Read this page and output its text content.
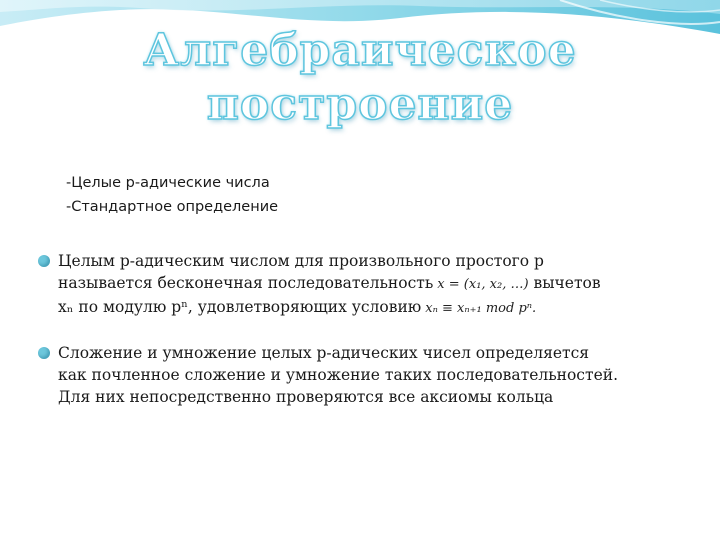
Алгебраическое
построение
-Целые p-адические числа
-Стандартное определение
Целым p-адическим числом для произвольного простого p
называется бесконечная последовательность x = (x₁, x₂, …) вычетов
xₙ по модулю pⁿ, удовлетворяющих условию xₙ ≡ xₙ₊₁ mod pⁿ.
Сложение и умножение целых p-адических чисел определяется
как почленное сложение и умножение таких последовательностей.
Для них непосредственно проверяются все аксиомы кольца
